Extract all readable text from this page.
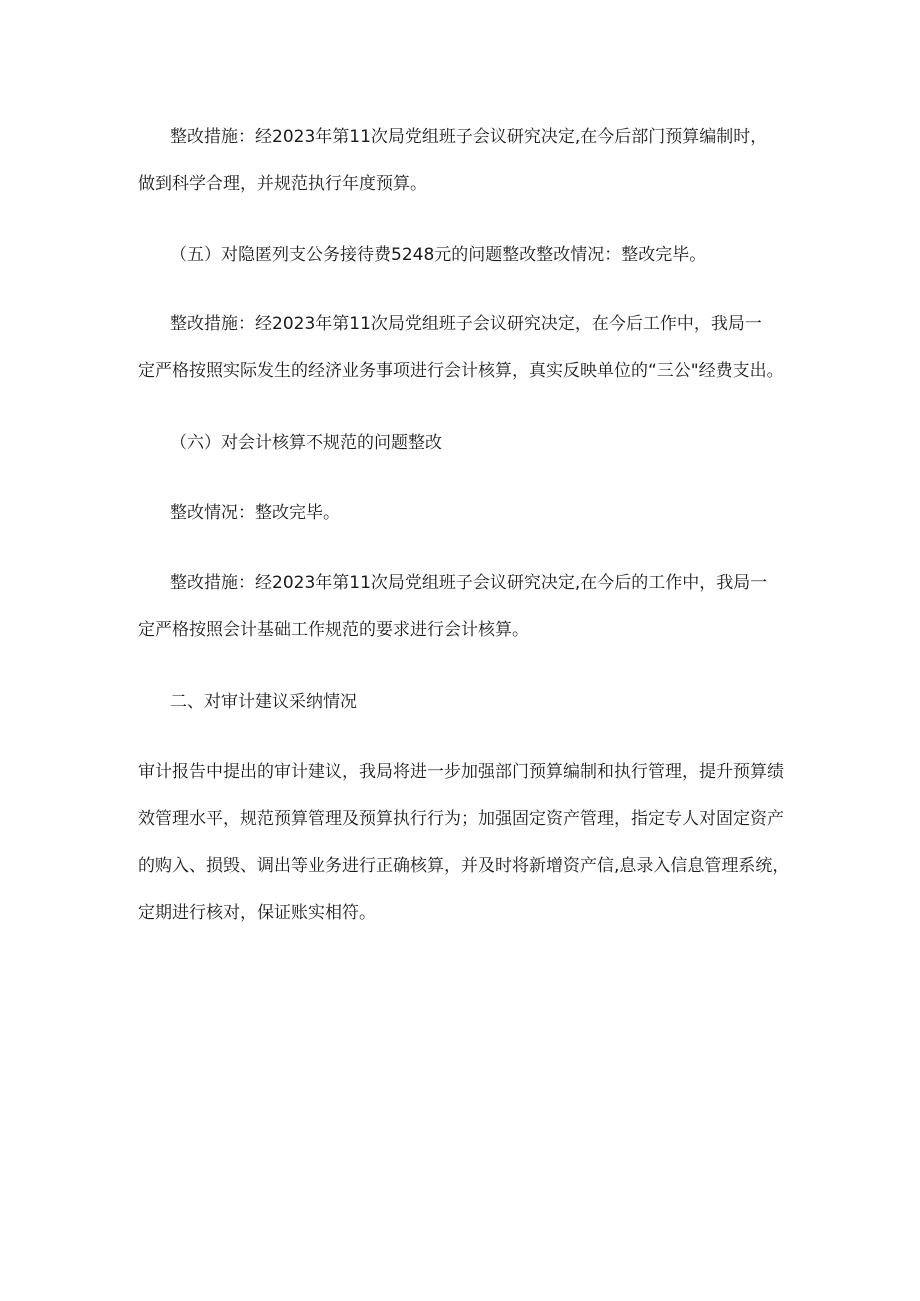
整改措施：经2023年第11次局党组班子会议研究决定,在今后部门预算编制时，
做到科学合理，并规范执行年度预算。
（五）对隐匿列支公务接待费5248元的问题整改整改情况：整改完毕。
整改措施：经2023年第11次局党组班子会议研究决定，在今后工作中，我局一
定严格按照实际发生的经济业务事项进行会计核算，真实反映单位的“三公"经费支出。
（六）对会计核算不规范的问题整改
整改情况：整改完毕。
整改措施：经2023年第11次局党组班子会议研究决定,在今后的工作中，我局一
定严格按照会计基础工作规范的要求进行会计核算。
二、对审计建议采纳情况
审计报告中提出的审计建议，我局将进一步加强部门预算编制和执行管理，提升预算绩
效管理水平，规范预算管理及预算执行行为；加强固定资产管理，指定专人对固定资产
的购入、损毁、调出等业务进行正确核算，并及时将新增资产信,息录入信息管理系统，
定期进行核对，保证账实相符。
